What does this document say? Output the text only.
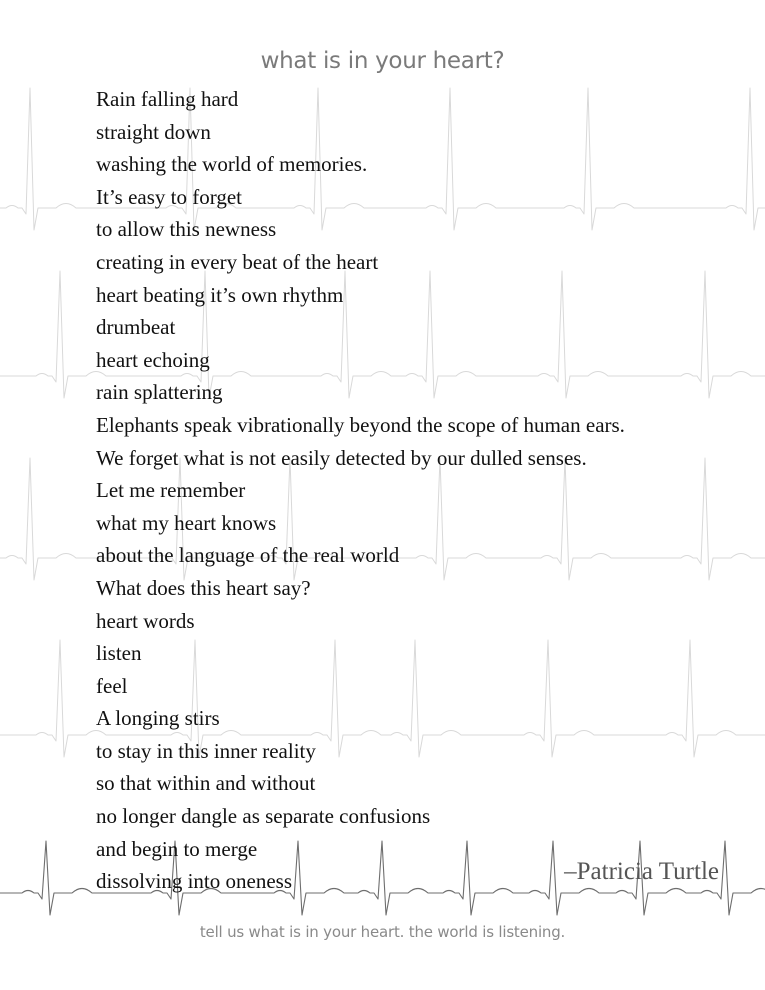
what is in your heart?
Rain falling hard
straight down
washing the world of memories.
It’s easy to forget
to allow this newness
creating in every beat of the heart
heart beating it’s own rhythm
drumbeat
heart echoing
rain splattering
Elephants speak vibrationally beyond the scope of human ears.
We forget what is not easily detected by our dulled senses.
Let me remember
what my heart knows
about the language of the real world
What does this heart say?
heart words
listen
feel
A longing stirs
to stay in this inner reality
so that within and without
no longer dangle as separate confusions
and begin to merge
dissolving into oneness	–Patricia Turtle
tell us what is in your heart. the world is listening.
